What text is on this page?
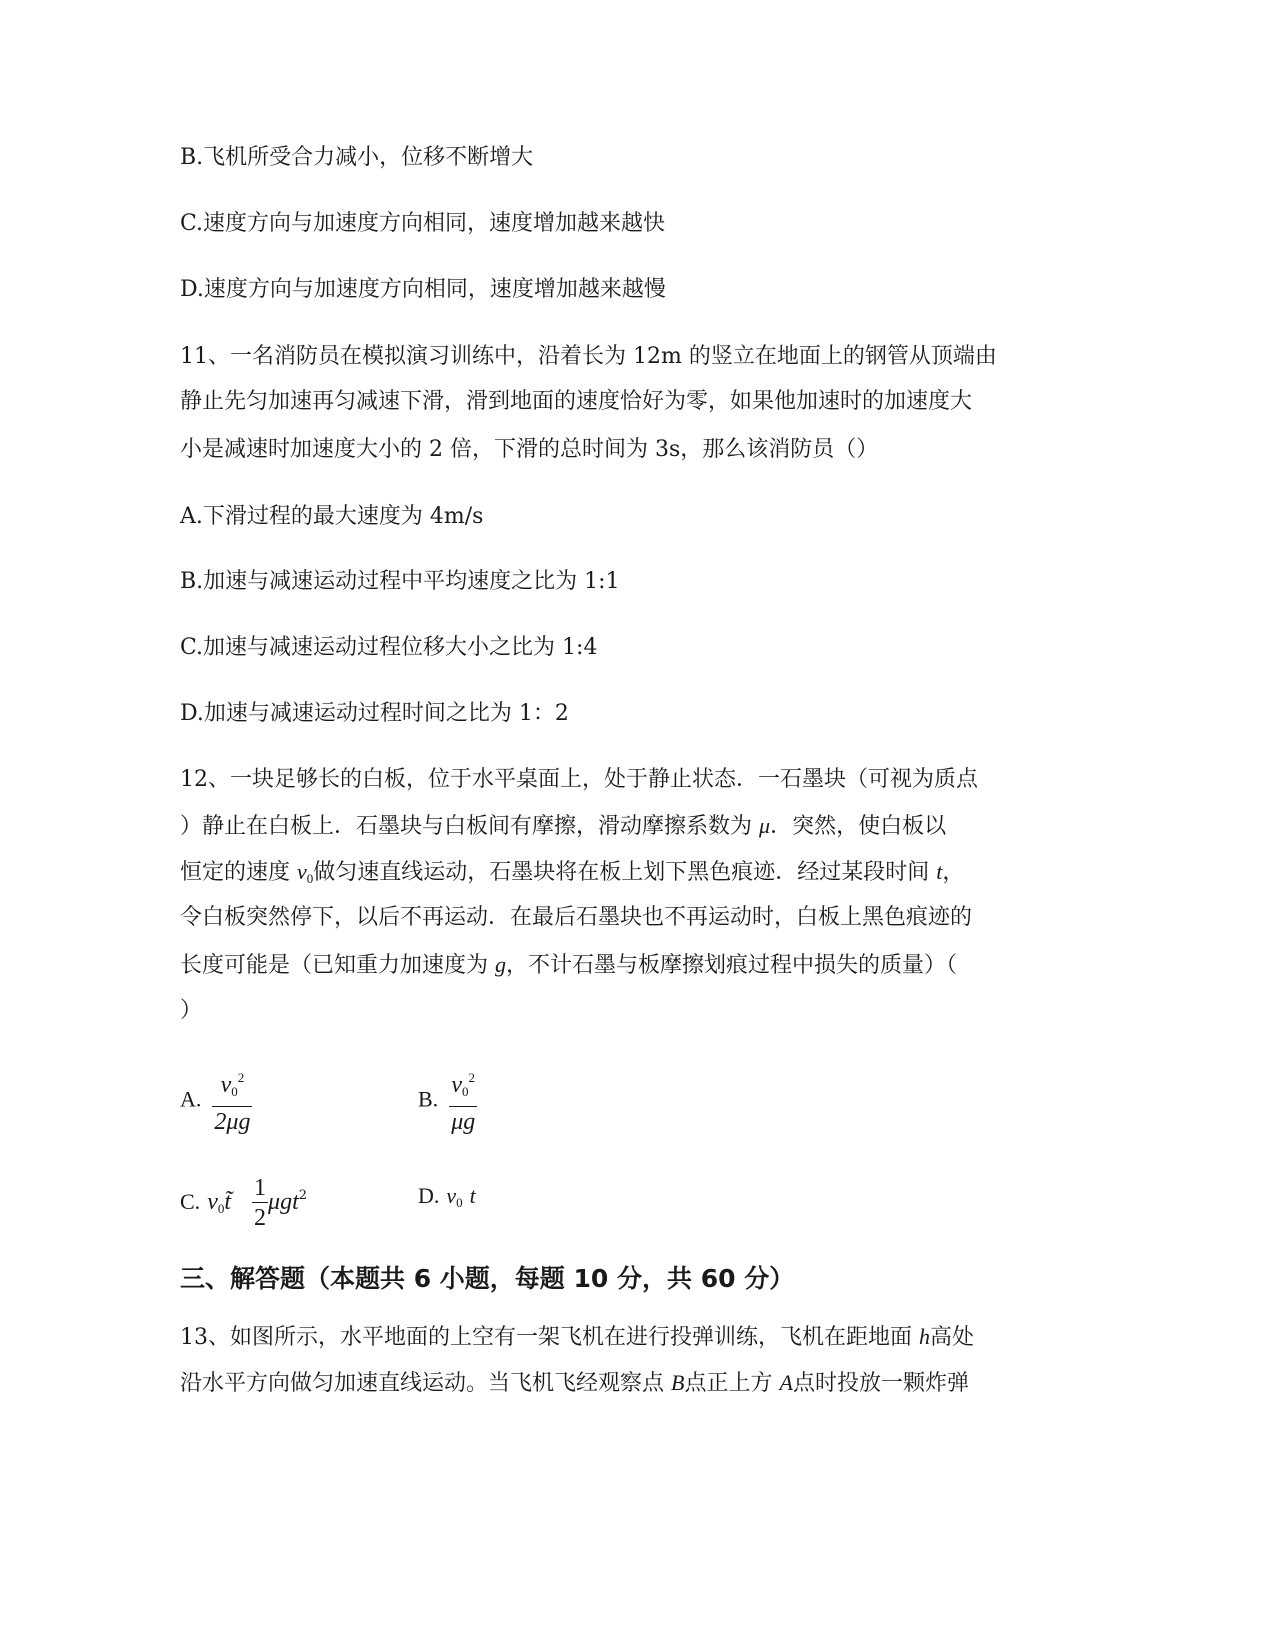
B.飞机所受合力减小，位移不断增大
C.速度方向与加速度方向相同，速度增加越来越快
D.速度方向与加速度方向相同，速度增加越来越慢
11、一名消防员在模拟演习训练中，沿着长为 12m 的竖立在地面上的钢管从顶端由
静止先匀加速再匀减速下滑，滑到地面的速度恰好为零，如果他加速时的加速度大
小是减速时加速度大小的 2 倍，下滑的总时间为 3s，那么该消防员（）
A.下滑过程的最大速度为 4m/s
B.加速与减速运动过程中平均速度之比为 1:1
C.加速与减速运动过程位移大小之比为 1:4
D.加速与减速运动过程时间之比为 1：2
12、一块足够长的白板，位于水平桌面上，处于静止状态．一石墨块（可视为质点
）静止在白板上．石墨块与白板间有摩擦，滑动摩擦系数为 μ．突然，使白板以
恒定的速度 $v_0$做匀速直线运动，石墨块将在板上划下黑色痕迹．经过某段时间 t，
令白板突然停下，以后不再运动．在最后石墨块也不再运动时，白板上黑色痕迹的
长度可能是（已知重力加速度为 g，不计石墨与板摩擦划痕过程中损失的质量）（
）
A. $\frac{v_0^2}{2\mu g}$	B. $\frac{v_0^2}{\mu g}$
C. $v_0t̃ \frac{1}{2} \mu gt^2$	D. $v_0$ t
三、解答题（本题共 6 小题，每题 10 分，共 60 分）
13、如图所示，水平地面的上空有一架飞机在进行投弹训练，飞机在距地面 h高处
沿水平方向做匀加速直线运动。当飞机飞经观察点 B点正上方 A点时投放一颗炸弹
